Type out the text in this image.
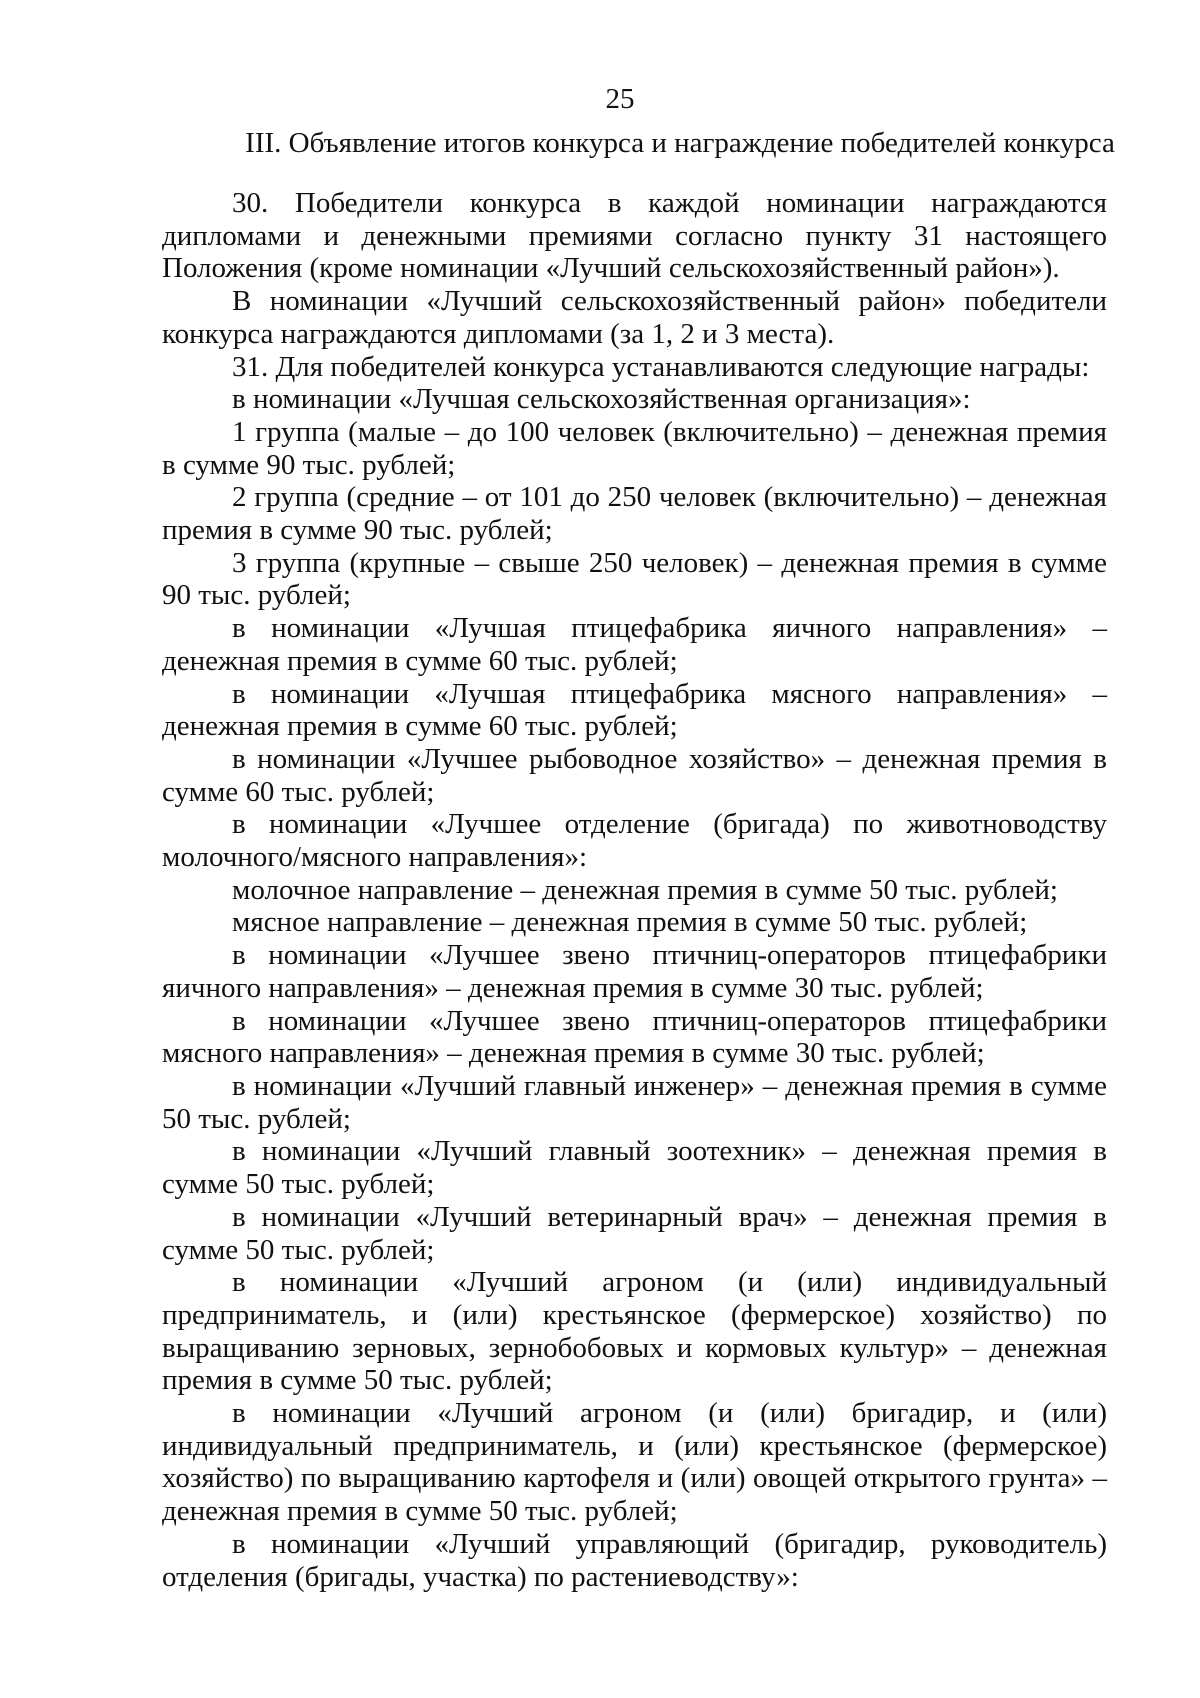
25
III. Объявление итогов конкурса и награждение победителей конкурса

30. Победители конкурса в каждой номинации награждаются дипломами и денежными премиями согласно пункту 31 настоящего Положения (кроме номинации «Лучший сельскохозяйственный район»).

В номинации «Лучший сельскохозяйственный район» победители конкурса награждаются дипломами (за 1, 2 и 3 места).

31. Для победителей конкурса устанавливаются следующие награды:

в номинации «Лучшая сельскохозяйственная организация»:

1 группа (малые – до 100 человек (включительно) – денежная премия в сумме 90 тыс. рублей;

2 группа (средние – от 101 до 250 человек (включительно) – денежная премия в сумме 90 тыс. рублей;

3 группа (крупные – свыше 250 человек) – денежная премия в сумме 90 тыс. рублей;

в номинации «Лучшая птицефабрика яичного направления» – денежная премия в сумме 60 тыс. рублей;

в номинации «Лучшая птицефабрика мясного направления» – денежная премия в сумме 60 тыс. рублей;

в номинации «Лучшее рыбоводное хозяйство» – денежная премия в сумме 60 тыс. рублей;

в номинации «Лучшее отделение (бригада) по животноводству молочного/мясного направления»:

молочное направление – денежная премия в сумме 50 тыс. рублей;

мясное направление – денежная премия в сумме 50 тыс. рублей;

в номинации «Лучшее звено птичниц-операторов птицефабрики яичного направления» – денежная премия в сумме 30 тыс. рублей;

в номинации «Лучшее звено птичниц-операторов птицефабрики мясного направления» – денежная премия в сумме 30 тыс. рублей;

в номинации «Лучший главный инженер» – денежная премия в сумме 50 тыс. рублей;

в номинации «Лучший главный зоотехник» – денежная премия в сумме 50 тыс. рублей;

в номинации «Лучший ветеринарный врач» – денежная премия в сумме 50 тыс. рублей;

в номинации «Лучший агроном (и (или) индивидуальный предприниматель, и (или) крестьянское (фермерское) хозяйство) по выращиванию зерновых, зернобобовых и кормовых культур» – денежная премия в сумме 50 тыс. рублей;

в номинации «Лучший агроном (и (или) бригадир, и (или) индивидуальный предприниматель, и (или) крестьянское (фермерское) хозяйство) по выращиванию картофеля и (или) овощей открытого грунта» – денежная премия в сумме 50 тыс. рублей;

в номинации «Лучший управляющий (бригадир, руководитель) отделения (бригады, участка) по растениеводству»:
